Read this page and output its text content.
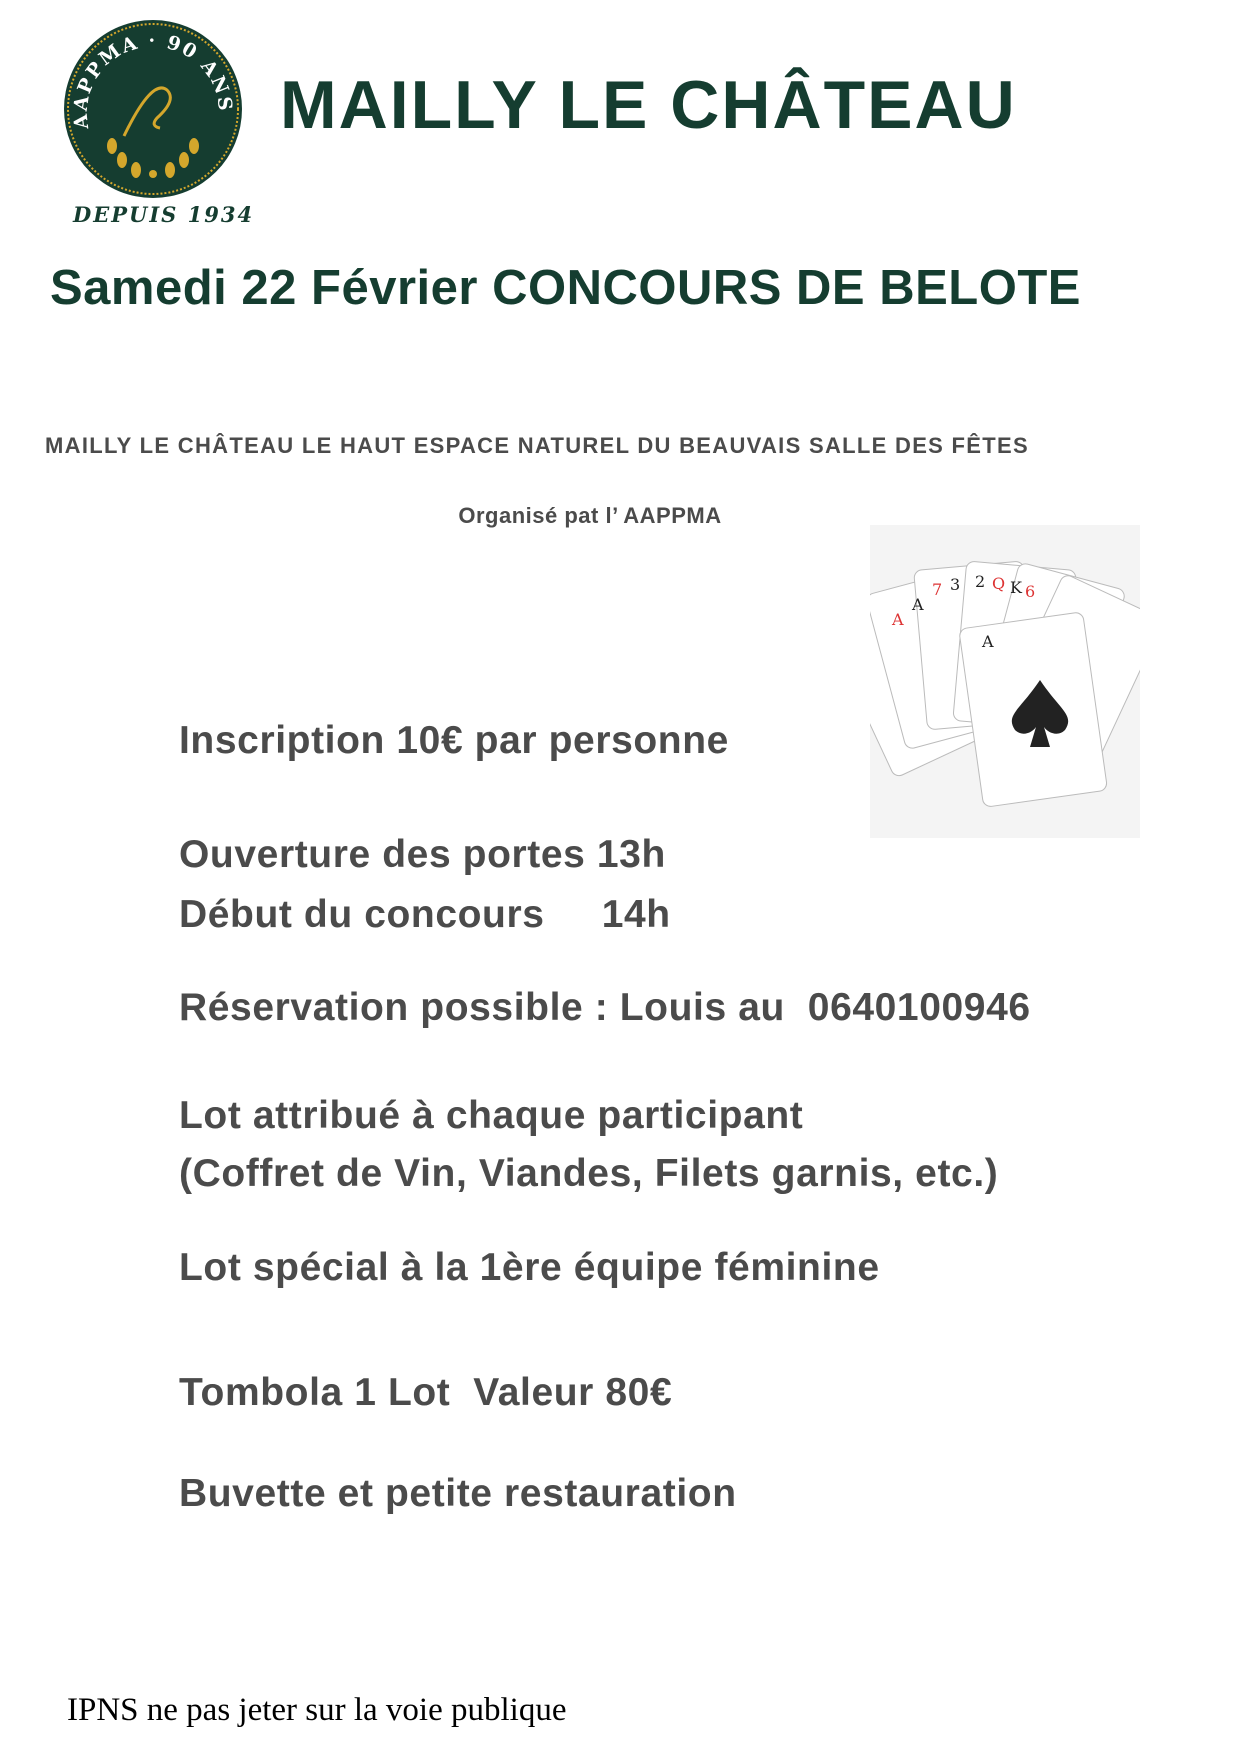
AAPPMA · 90 ANS
DEPUIS 1934
MAILLY LE CHÂTEAU
Samedi 22 Février CONCOURS DE BELOTE
MAILLY LE CHÂTEAU LE HAUT ESPACE NATUREL DU BEAUVAIS SALLE DES FÊTES
Organisé pat l’ AAPPMA
A
A
7 3 2 Q K 6
A
Inscription 10€ par personne
Ouverture des portes 13h
Début du concours     14h
Réservation possible : Louis au  0640100946
Lot attribué à chaque participant
(Coffret de Vin, Viandes, Filets garnis, etc.)
Lot spécial à la 1ère équipe féminine
Tombola 1 Lot  Valeur 80€
Buvette et petite restauration
IPNS ne pas jeter sur la voie publique
